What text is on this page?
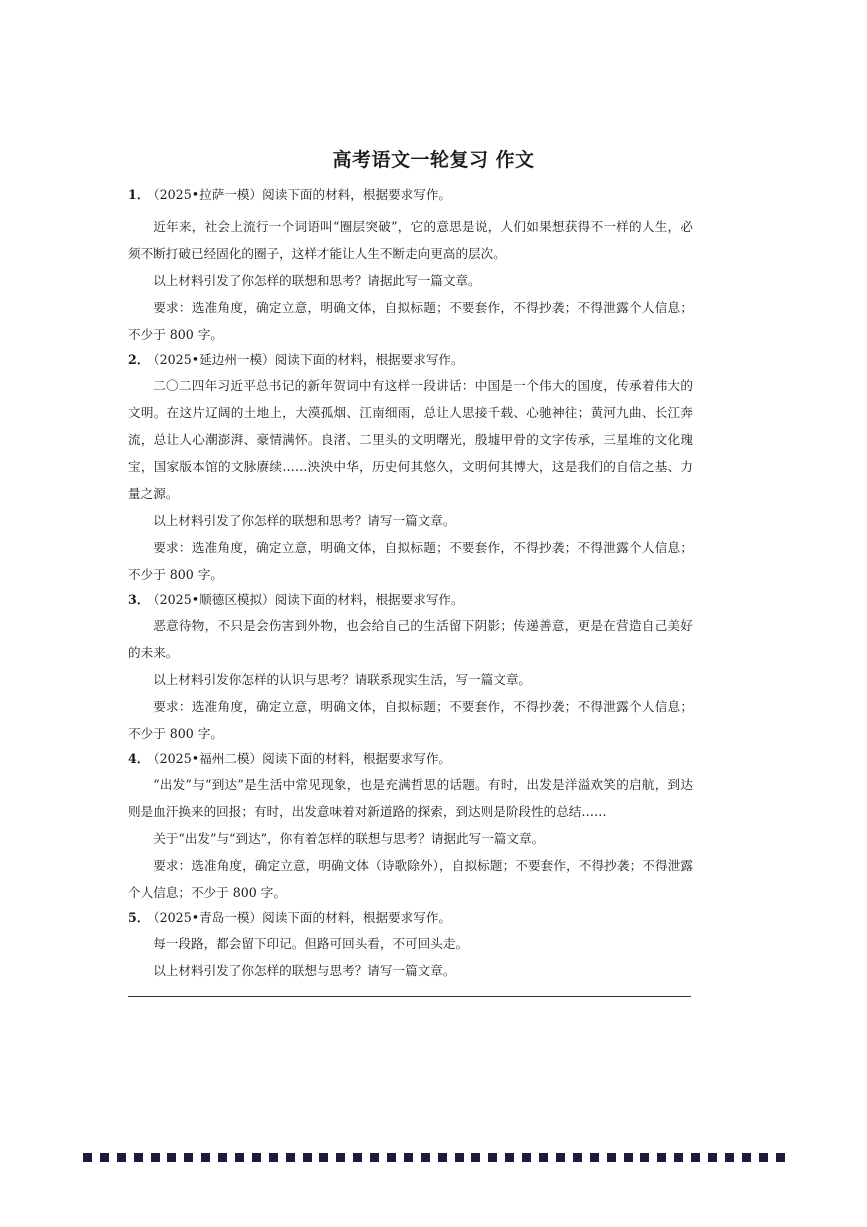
高考语文一轮复习 作文
1． （2025•拉萨一模）阅读下面的材料，根据要求写作。

近年来，社会上流行一个词语叫“圈层突破”，它的意思是说，人们如果想获得不一样的人生，必须不断打破已经固化的圈子，这样才能让人生不断走向更高的层次。

以上材料引发了你怎样的联想和思考？请据此写一篇文章。

要求：选准角度，确定立意，明确文体，自拟标题；不要套作，不得抄袭；不得泄露个人信息；不少于 800 字。

2． （2025•延边州一模）阅读下面的材料，根据要求写作。

二〇二四年习近平总书记的新年贺词中有这样一段讲话：中国是一个伟大的国度，传承着伟大的文明。在这片辽阔的土地上，大漠孤烟、江南细雨，总让人思接千载、心驰神往；黄河九曲、长江奔流，总让人心潮澎湃、豪情满怀。良渚、二里头的文明曙光，殷墟甲骨的文字传承，三星堆的文化瑰宝，国家版本馆的文脉赓续……泱泱中华，历史何其悠久，文明何其博大，这是我们的自信之基、力量之源。

以上材料引发了你怎样的联想和思考？请写一篇文章。

要求：选准角度，确定立意，明确文体，自拟标题；不要套作，不得抄袭；不得泄露个人信息；不少于 800 字。

3． （2025•顺德区模拟）阅读下面的材料，根据要求写作。

恶意待物，不只是会伤害到外物，也会给自己的生活留下阴影；传递善意，更是在营造自己美好的未来。

以上材料引发你怎样的认识与思考？请联系现实生活，写一篇文章。

要求：选准角度，确定立意，明确文体，自拟标题；不要套作，不得抄袭；不得泄露个人信息；不少于 800 字。

4． （2025•福州二模）阅读下面的材料，根据要求写作。

“出发”与“到达”是生活中常见现象，也是充满哲思的话题。有时，出发是洋溢欢笑的启航，到达则是血汗换来的回报；有时，出发意味着对新道路的探索，到达则是阶段性的总结……

关于“出发”与“到达”，你有着怎样的联想与思考？请据此写一篇文章。

要求：选准角度，确定立意，明确文体（诗歌除外），自拟标题；不要套作，不得抄袭；不得泄露个人信息；不少于 800 字。

5． （2025•青岛一模）阅读下面的材料，根据要求写作。

每一段路，都会留下印记。但路可回头看，不可回头走。

以上材料引发了你怎样的联想与思考？请写一篇文章。
